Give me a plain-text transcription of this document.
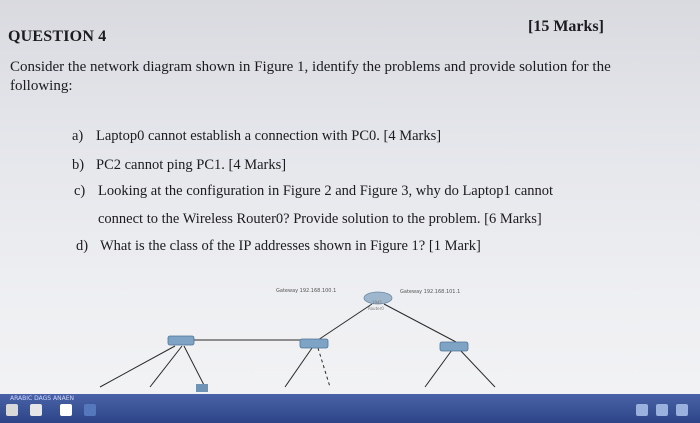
QUESTION 4
[15 Marks]
Consider the network diagram shown in Figure 1, identify the problems and provide solution for the following:
a) Laptop0 cannot establish a connection with PC0. [4 Marks]
b) PC2 cannot ping PC1. [4 Marks]
c) Looking at the configuration in Figure 2 and Figure 3, why do Laptop1 cannot
connect to the Wireless Router0? Provide solution to the problem. [6 Marks]
d) What is the class of the IP addresses shown in Figure 1? [1 Mark]
Gateway 192.168.100.1	Gateway 192.168.101.1
1941
Router0
ARABIC DAGS ANAEN
